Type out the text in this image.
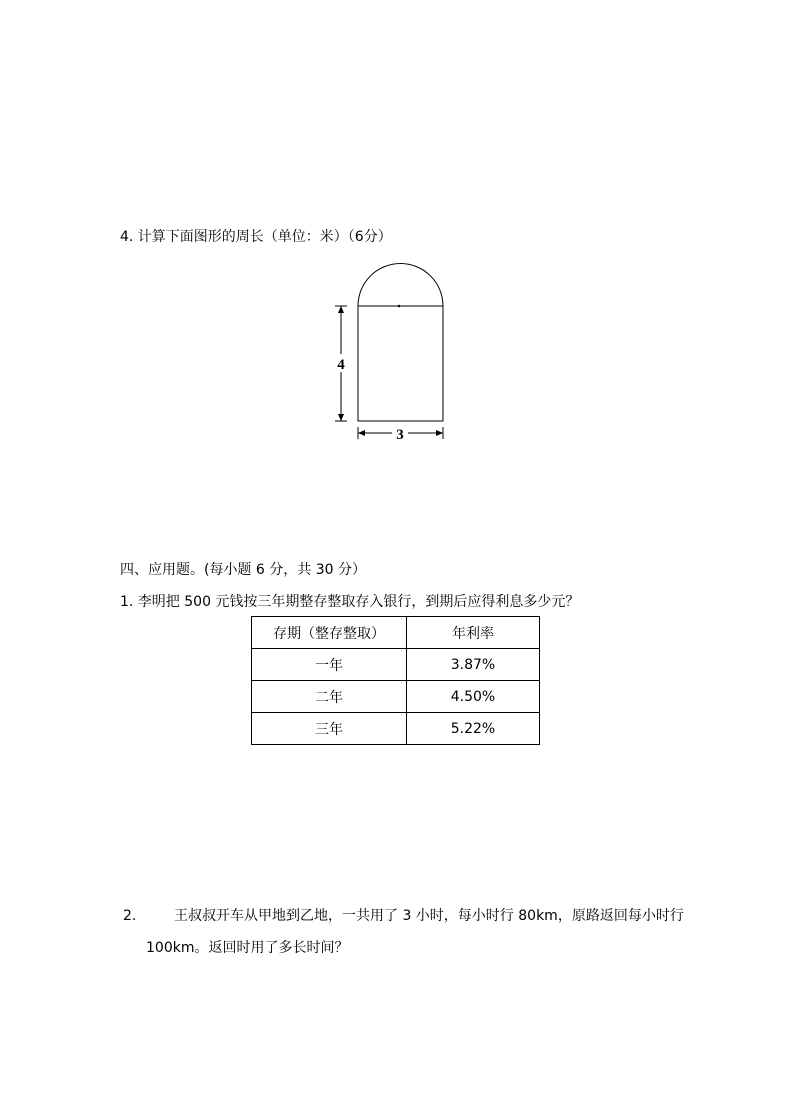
4. 计算下面图形的周长（单位：米）（6分）
4
3
四、应用题。(每小题 6 分，共 30 分）
1. 李明把 500 元钱按三年期整存整取存入银行，到期后应得利息多少元？
存期（整存整取）	年利率
一年	3.87%
二年	4.50%
三年	5.22%
2.	王叔叔开车从甲地到乙地，一共用了 3 小时，每小时行 80km，原路返回每小时行
100km。返回时用了多长时间？
